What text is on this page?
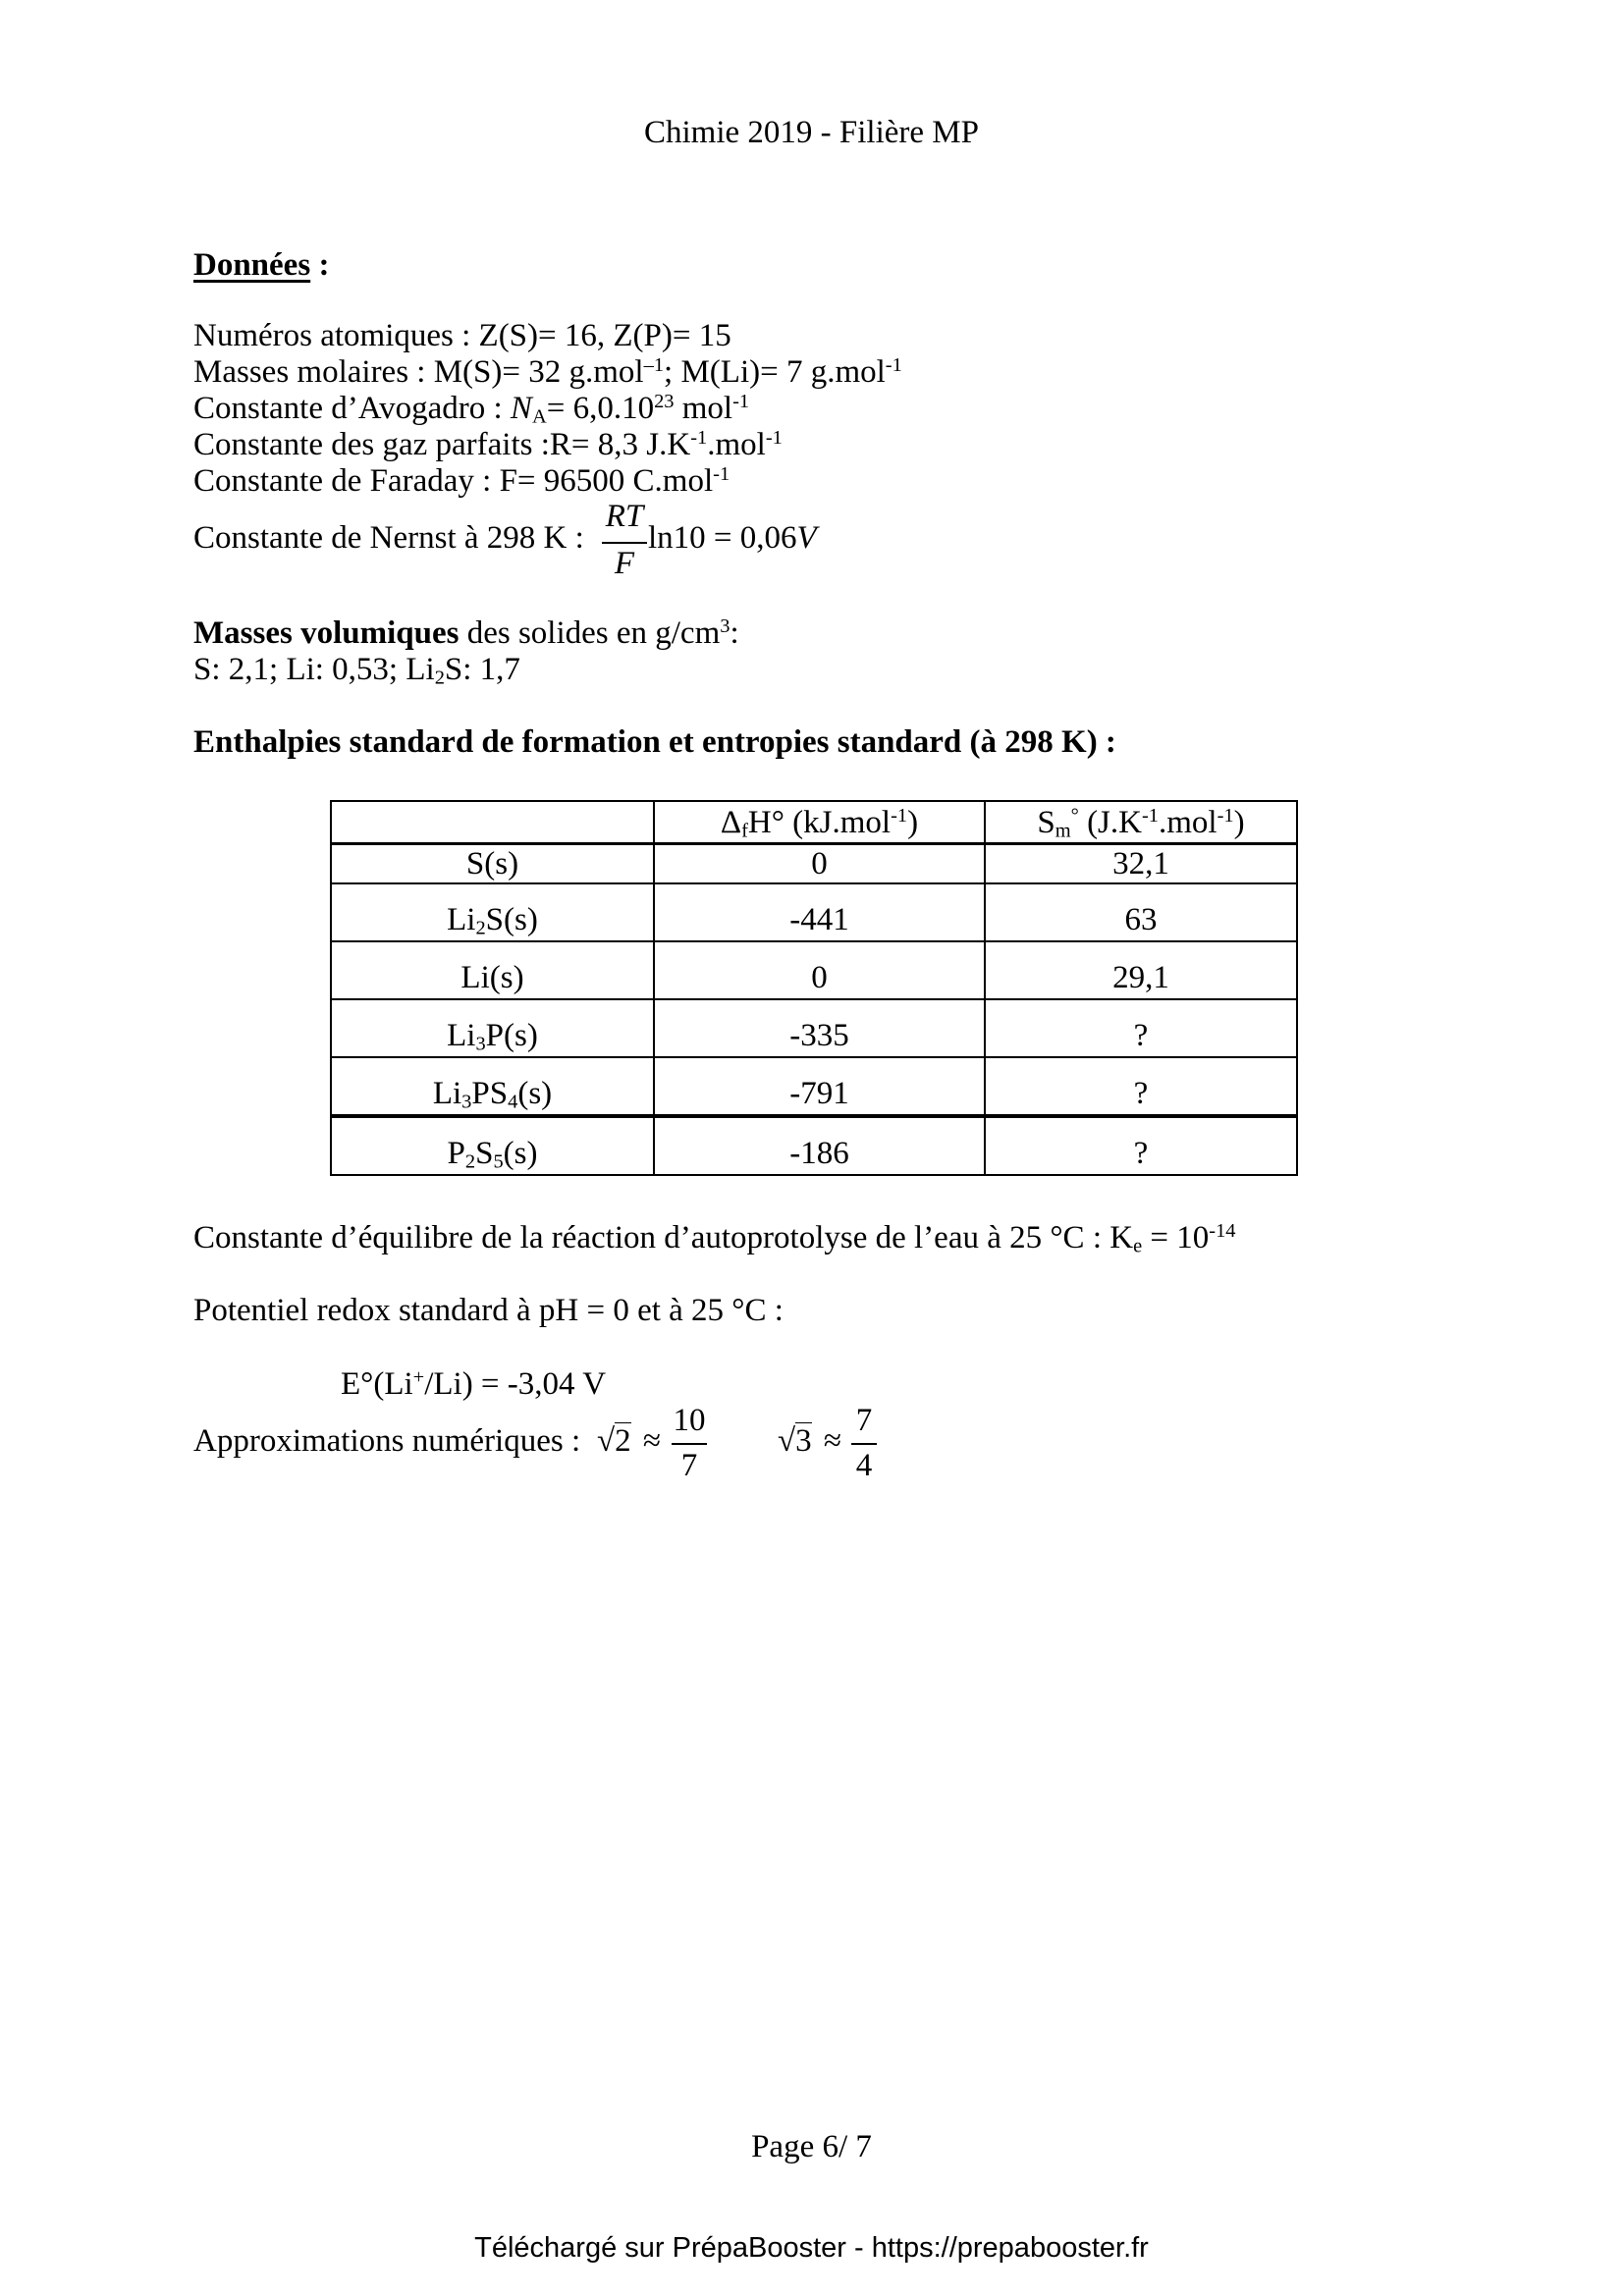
Chimie 2019 - Filière MP
Données :
Numéros atomiques : Z(S)= 16, Z(P)= 15
Masses molaires : M(S)= 32 g.mol$^{-1}$; M(Li)= 7 g.mol$^{-1}$
Constante d’Avogadro : $N_A= 6,0.10^{23}$ mol$^{-1}$
Constante des gaz parfaits :R= 8,3 $J.K^{-1}.mol^{-1}$
Constante de Faraday : F= 96500 C.mol$^{-1}$
Constante de Nernst à 298 K :
RT
F
ln10 = 0,06V
Masses volumiques des solides en $g/cm^3$:
S: 2,1; Li: 0,53; $Li_2S$: 1,7
Enthalpies standard de formation et entropies standard (à 298 K) :
	$\Delta_fH^\circ$ (kJ.mol$^{-1}$)	$S_m^\circ$ $(J.K^{-1}.mol^{-1})$
S(s)	0	32,1
$Li_2S(s)$	-441	63
Li(s)	0	29,1
$Li_3P(s)$	-335	?
$Li_3PS_4(s)$	-791	?
$P_2S_5(s)$	-186	?
Constante d’équilibre de la réaction d’autoprotolyse de l’eau à 25 °C : $K_e = 10^{-14}$
Potentiel redox standard à pH = 0 et à 25 °C :
E°(Li+/Li) = -3,04 V
Approximations numériques : √2 ≈
10
7
√3 ≈
7
4
Page 6/ 7
Téléchargé sur PrépaBooster - https://prepabooster.fr
